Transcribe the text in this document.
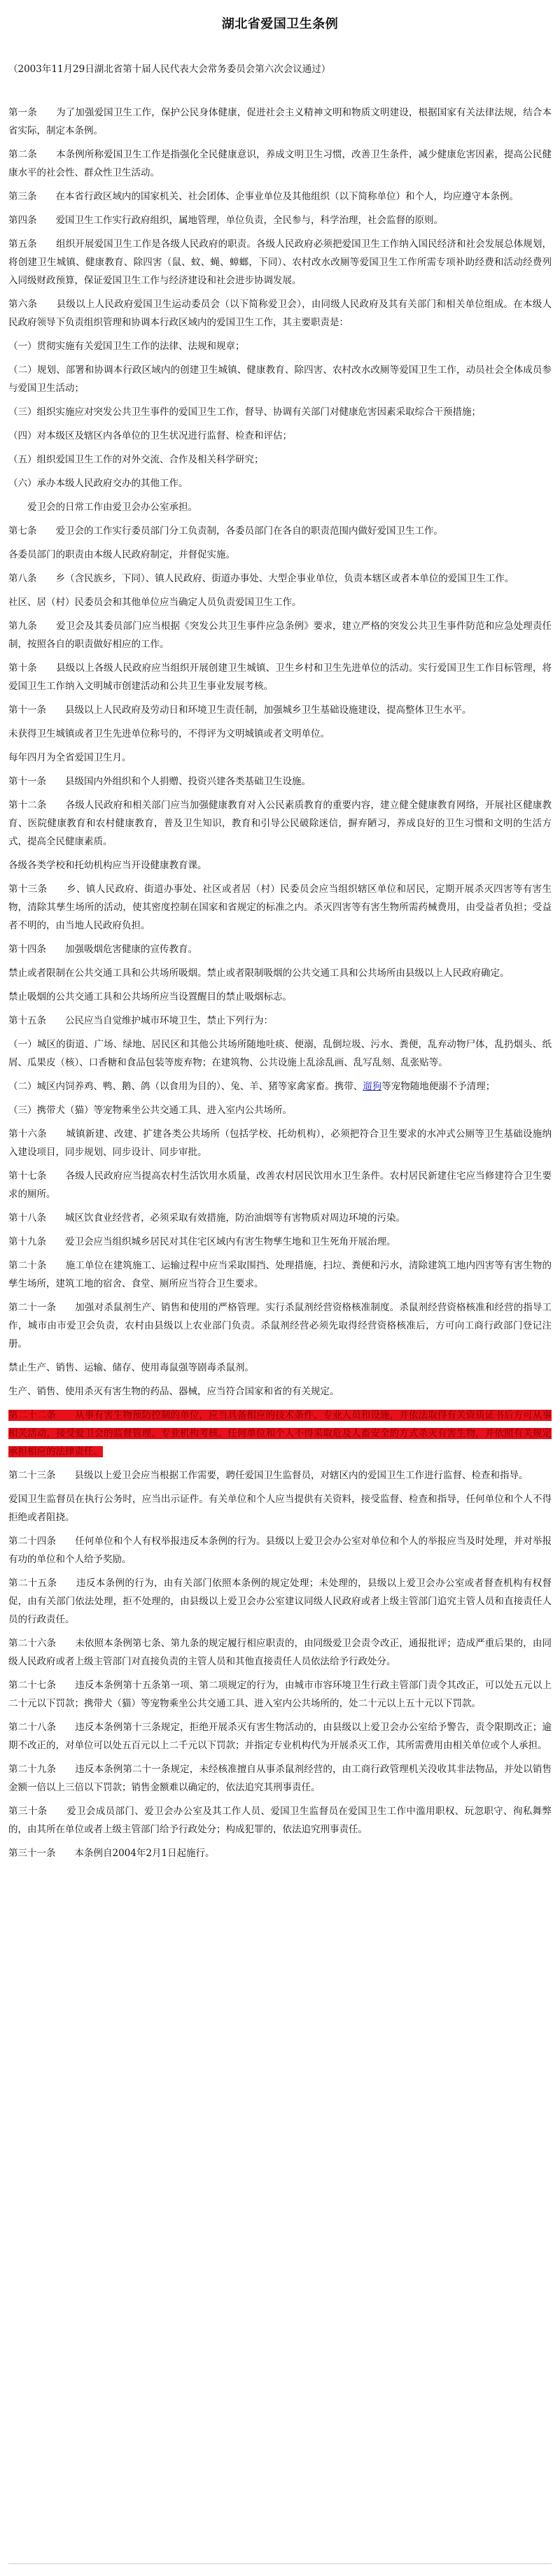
湖北省爱国卫生条例

（2003年11月29日湖北省第十届人民代表大会常务委员会第六次会议通过）

第一条　　为了加强爱国卫生工作，保护公民身体健康，促进社会主义精神文明和物质文明建设，根据国家有关法律法规，结合本省实际，制定本条例。

第二条　　本条例所称爱国卫生工作是指强化全民健康意识，养成文明卫生习惯，改善卫生条件，减少健康危害因素，提高公民健康水平的社会性、群众性卫生活动。

第三条　　在本省行政区域内的国家机关、社会团体、企事业单位及其他组织（以下简称单位）和个人，均应遵守本条例。

第四条　　爱国卫生工作实行政府组织，属地管理，单位负责，全民参与，科学治理，社会监督的原则。

第五条　　组织开展爱国卫生工作是各级人民政府的职责。各级人民政府必须把爱国卫生工作纳入国民经济和社会发展总体规划，将创建卫生城镇、健康教育、除四害（鼠、蚊、蝇、蟑螂，下同）、农村改水改厕等爱国卫生工作所需专项补助经费和活动经费列入同级财政预算，保证爱国卫生工作与经济建设和社会进步协调发展。

第六条　　县级以上人民政府爱国卫生运动委员会（以下简称爱卫会），由同级人民政府及其有关部门和相关单位组成。在本级人民政府领导下负责组织管理和协调本行政区域内的爱国卫生工作，其主要职责是：

（一）贯彻实施有关爱国卫生工作的法律、法规和规章；

（二）规划、部署和协调本行政区域内的创建卫生城镇、健康教育、除四害、农村改水改厕等爱国卫生工作，动员社会全体成员参与爱国卫生活动；

（三）组织实施应对突发公共卫生事件的爱国卫生工作，督导、协调有关部门对健康危害因素采取综合干预措施；

（四）对本级区及辖区内各单位的卫生状况进行监督、检查和评估；

（五）组织爱国卫生工作的对外交流、合作及相关科学研究；

（六）承办本级人民政府交办的其他工作。

　　爱卫会的日常工作由爱卫会办公室承担。

第七条　　爱卫会的工作实行委员部门分工负责制，各委员部门在各自的职责范围内做好爱国卫生工作。

各委员部门的职责由本级人民政府制定，并督促实施。

第八条　　乡（含民族乡，下同）、镇人民政府、街道办事处、大型企事业单位，负责本辖区或者本单位的爱国卫生工作。

社区、居（村）民委员会和其他单位应当确定人员负责爱国卫生工作。

第九条　　爱卫会及其委员部门应当根据《突发公共卫生事件应急条例》要求，建立严格的突发公共卫生事件防范和应急处理责任制，按照各自的职责做好相应的工作。

第十条　　县级以上各级人民政府应当组织开展创建卫生城镇、卫生乡村和卫生先进单位的活动。实行爱国卫生工作目标管理，将爱国卫生工作纳入文明城市创建活动和公共卫生事业发展考核。

第十一条　　县级以上人民政府及劳动日和环境卫生责任制，加强城乡卫生基础设施建设，提高整体卫生水平。

未获得卫生城镇或者卫生先进单位称号的，不得评为文明城镇或者文明单位。

每年四月为全省爱国卫生月。

第十一条　　县级国内外组织和个人捐赠、投资兴建各类基础卫生设施。

第十二条　　各级人民政府和相关部门应当加强健康教育对入公民素质教育的重要内容，建立健全健康教育网络，开展社区健康教育、医院健康教育和农村健康教育，普及卫生知识，教育和引导公民破除迷信，摒弃陋习，养成良好的卫生习惯和文明的生活方式，提高全民健康素质。

各级各类学校和托幼机构应当开设健康教育课。

第十三条　　乡、镇人民政府、街道办事处、社区或者居（村）民委员会应当组织辖区单位和居民，定期开展杀灭四害等有害生物，清除其孳生场所的活动，使其密度控制在国家和省规定的标准之内。杀灭四害等有害生物所需药械费用，由受益者负担；受益者不明的，由当地人民政府负担。

第十四条　　加强吸烟危害健康的宣传教育。

禁止或者限制在公共交通工具和公共场所吸烟。禁止或者限制吸烟的公共交通工具和公共场所由县级以上人民政府确定。

禁止吸烟的公共交通工具和公共场所应当设置醒目的禁止吸烟标志。

第十五条　　公民应当自觉维护城市环境卫生，禁止下列行为：

（一）城区的街道、广场、绿地、居民区和其他公共场所随地吐痰、便溺，乱倒垃圾、污水、粪便，乱弃动物尸体，乱扔烟头、纸屑、瓜果皮（核）、口香糖和食品包装等废弃物；在建筑物、公共设施上乱涂乱画、乱写乱刻、乱张贴等。

（二）城区内饲养鸡、鸭、鹅、鸽（以食用为目的）、兔、羊、猪等家禽家畜。携带、遛狗等宠物随地便溺不予清理；

（三）携带犬（猫）等宠物乘坐公共交通工具、进入室内公共场所。

第十六条　　城镇新建、改建、扩建各类公共场所（包括学校、托幼机构），必须把符合卫生要求的水冲式公厕等卫生基础设施纳入建设项目，同步规划、同步设计、同步审批。

第十七条　　各级人民政府应当提高农村生活饮用水质量，改善农村居民饮用水卫生条件。农村居民新建住宅应当修建符合卫生要求的厕所。

第十八条　　城区饮食业经营者，必须采取有效措施，防治油烟等有害物质对周边环境的污染。

第十九条　　爱卫会应当组织城乡居民对其住宅区域内有害生物孳生地和卫生死角开展治理。

第二十条　　施工单位在建筑施工、运输过程中应当采取围挡、处理措施，扫垃、粪便和污水，清除建筑工地内四害等有害生物的孳生场所，建筑工地的宿舍、食堂、厕所应当符合卫生要求。

第二十一条　　加强对杀鼠剂生产、销售和使用的严格管理。实行杀鼠剂经营资格核准制度。杀鼠剂经营资格核准和经营的指导工作，城市由市爱卫会负责，农村由县级以上农业部门负责。杀鼠剂经营必须先取得经营资格核准后，方可向工商行政部门登记注册。

禁止生产、销售、运输、储存、使用毒鼠强等剧毒杀鼠剂。

生产、销售、使用杀灭有害生物的药品、器械，应当符合国家和省的有关规定。

第二十二条　　从事有害生物预防控制的单位，应当具备相应的技术条件、专业人员和设施，并依法取得有关资质证书后方可从事相关活动，接受爱卫会的监督管理、专业机构考核。任何单位和个人不得采取危及人畜安全的方式杀灭有害生物，并依照有关规定承担相应的法律责任。

第二十三条　　县级以上爱卫会应当根据工作需要，聘任爱国卫生监督员，对辖区内的爱国卫生工作进行监督、检查和指导。

爱国卫生监督员在执行公务时，应当出示证件。有关单位和个人应当提供有关资料，接受监督、检查和指导，任何单位和个人不得拒绝或者阻挠。

第二十四条　　任何单位和个人有权举报违反本条例的行为。县级以上爱卫会办公室对单位和个人的举报应当及时处理，并对举报有功的单位和个人给予奖励。

第二十五条　　违反本条例的行为，由有关部门依照本条例的规定处理；未处理的，县级以上爱卫会办公室或者督查机构有权督促，由有关部门依法处理，拒不处理的，由县级以上爱卫会办公室建议同级人民政府或者上级主管部门追究主管人员和直接责任人员的行政责任。

第二十六条　　未依照本条例第七条、第九条的规定履行相应职责的，由同级爱卫会责令改正，通报批评；造成严重后果的，由同级人民政府或者上级主管部门对直接负责的主管人员和其他直接责任人员依法给予行政处分。

第二十七条　　违反本条例第十五条第一项、第二项规定的行为，由城市市容环境卫生行政主管部门责令其改正，可以处五元以上二十元以下罚款；携带犬（猫）等宠物乘坐公共交通工具、进入室内公共场所的，处二十元以上五十元以下罚款。

第二十八条　　违反本条例第十三条规定，拒绝开展杀灭有害生物活动的，由县级以上爱卫会办公室给予警告，责令限期改正；逾期不改正的，对单位可以处五百元以上二千元以下罚款；并指定专业机构代为开展杀灭工作，其所需费用由相关单位或个人承担。

第二十九条　　违反本条例第二十一条规定，未经核准擅自从事杀鼠剂经营的，由工商行政管理机关没收其非法物品，并处以销售金额一倍以上三倍以下罚款；销售金额难以确定的，依法追究其刑事责任。

第三十条　　爱卫会成员部门、爱卫会办公室及其工作人员、爱国卫生监督员在爱国卫生工作中滥用职权、玩忽职守、徇私舞弊的，由其所在单位或者上级主管部门给予行政处分；构成犯罪的，依法追究刑事责任。

第三十一条　　本条例自2004年2月1日起施行。
